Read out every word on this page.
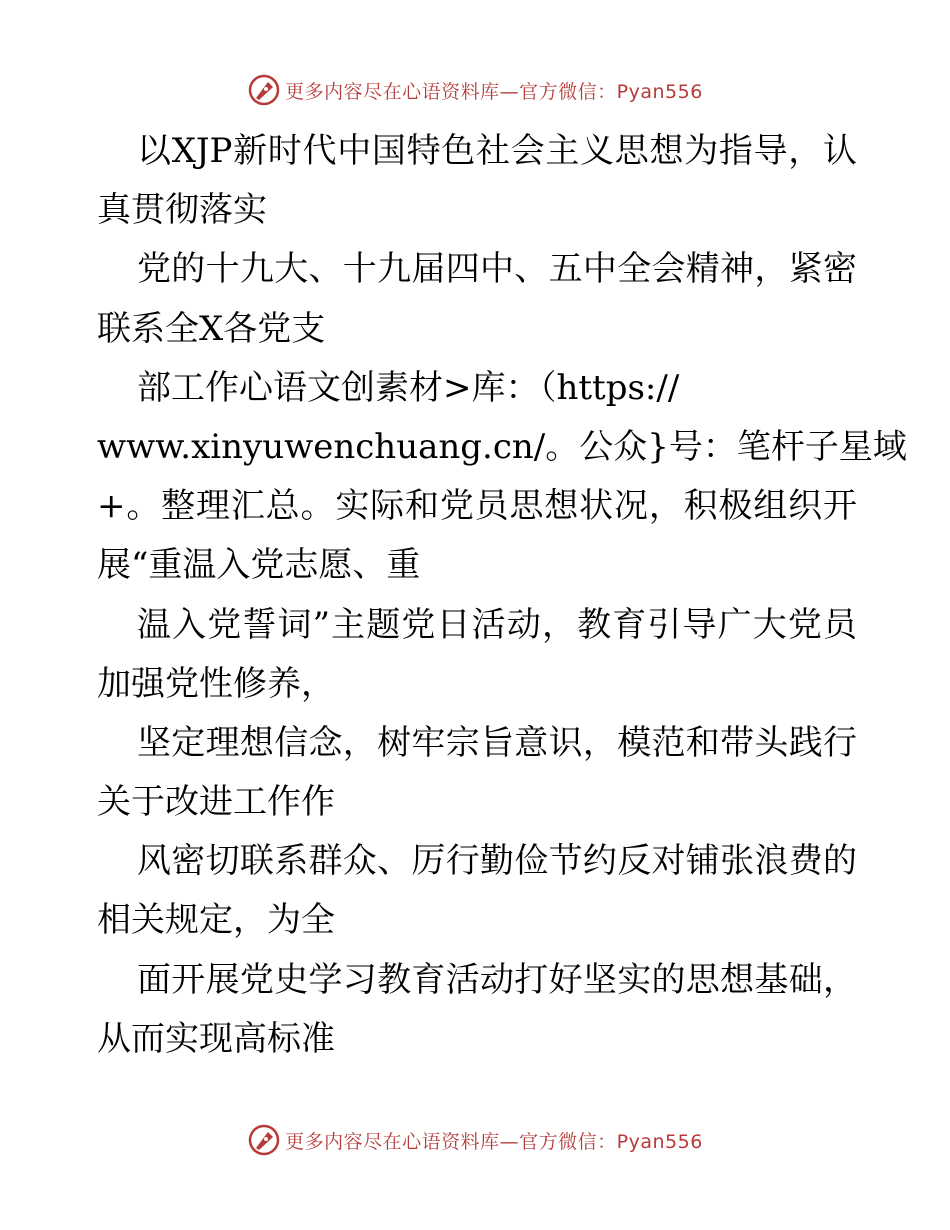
更多内容尽在心语资料库—官方微信：Pyan556
以XJP新时代中国特色社会主义思想为指导，认
真贯彻落实
党的十九大、十九届四中、五中全会精神，紧密
联系全X各党支
部工作心语文创素材>库：（https://
www.xinyuwenchuang.cn/。公众}号：笔杆子星域
+。整理汇总。实际和党员思想状况，积极组织开
展“重温入党志愿、重
温入党誓词”主题党日活动，教育引导广大党员
加强党性修养，
坚定理想信念，树牢宗旨意识，模范和带头践行
关于改进工作作
风密切联系群众、厉行勤俭节约反对铺张浪费的
相关规定，为全
面开展党史学习教育活动打好坚实的思想基础，
从而实现高标准
更多内容尽在心语资料库—官方微信：Pyan556
